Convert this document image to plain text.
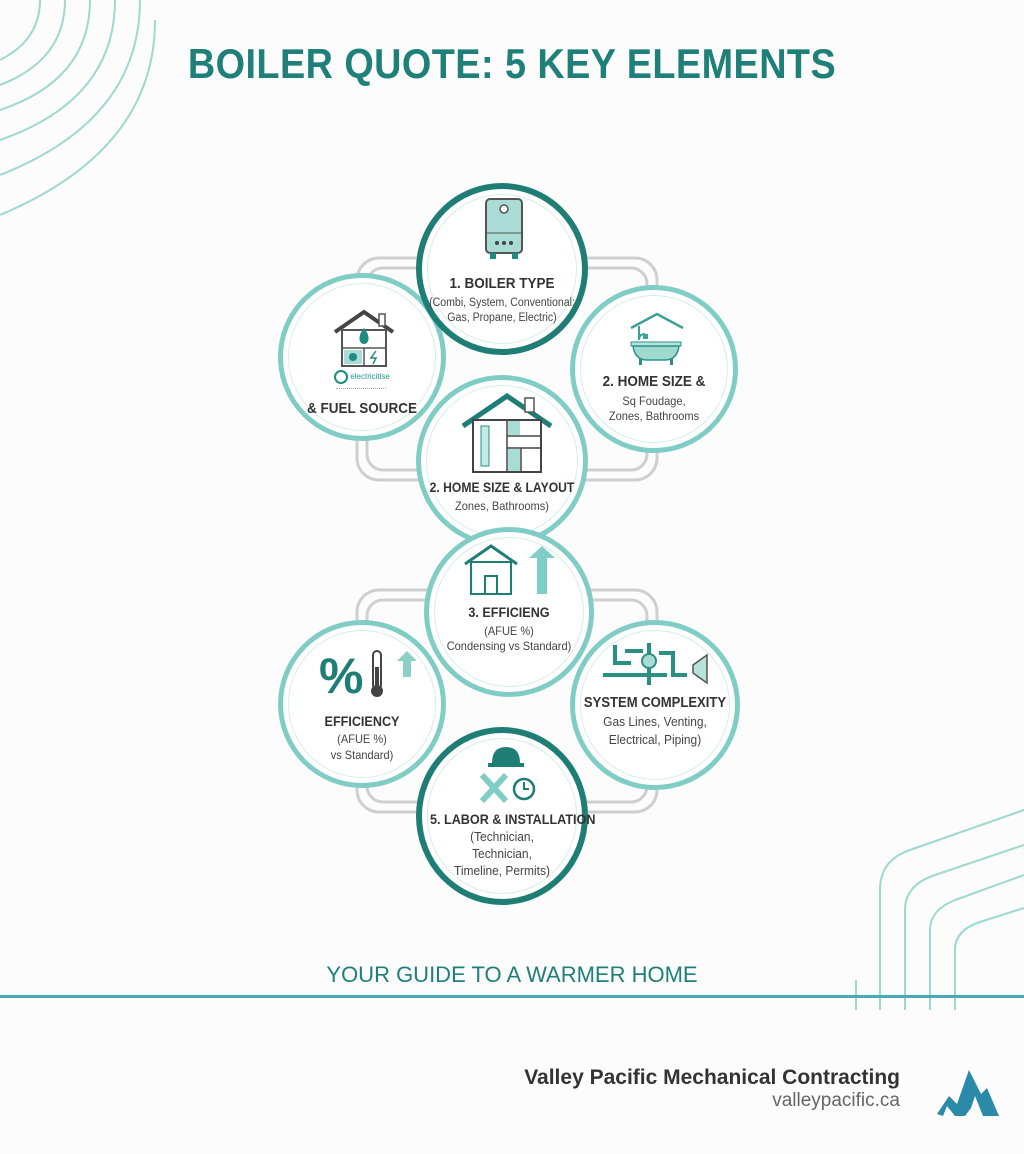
BOILER QUOTE: 5 KEY ELEMENTS
electricitise
& FUEL SOURCE
2. HOME SIZE &
Sq Foudage,
Zones, Bathrooms
2. HOME SIZE & LAYOUT
Zones, Bathrooms)
1. BOILER TYPE
(Combi, System, Conventional:
Gas, Propane, Electric)
%
EFFICIENCY
(AFUE %)
vs Standard)
SYSTEM COMPLEXITY
Gas Lines, Venting,
Electrical, Piping)
3. EFFICIENG
(AFUE %)
Condensing vs Standard)
5. LABOR & INSTALLATION
(Technician,
Technician,
Timeline, Permits)
YOUR GUIDE TO A WARMER HOME
Valley Pacific Mechanical Contracting
valleypacific.ca
